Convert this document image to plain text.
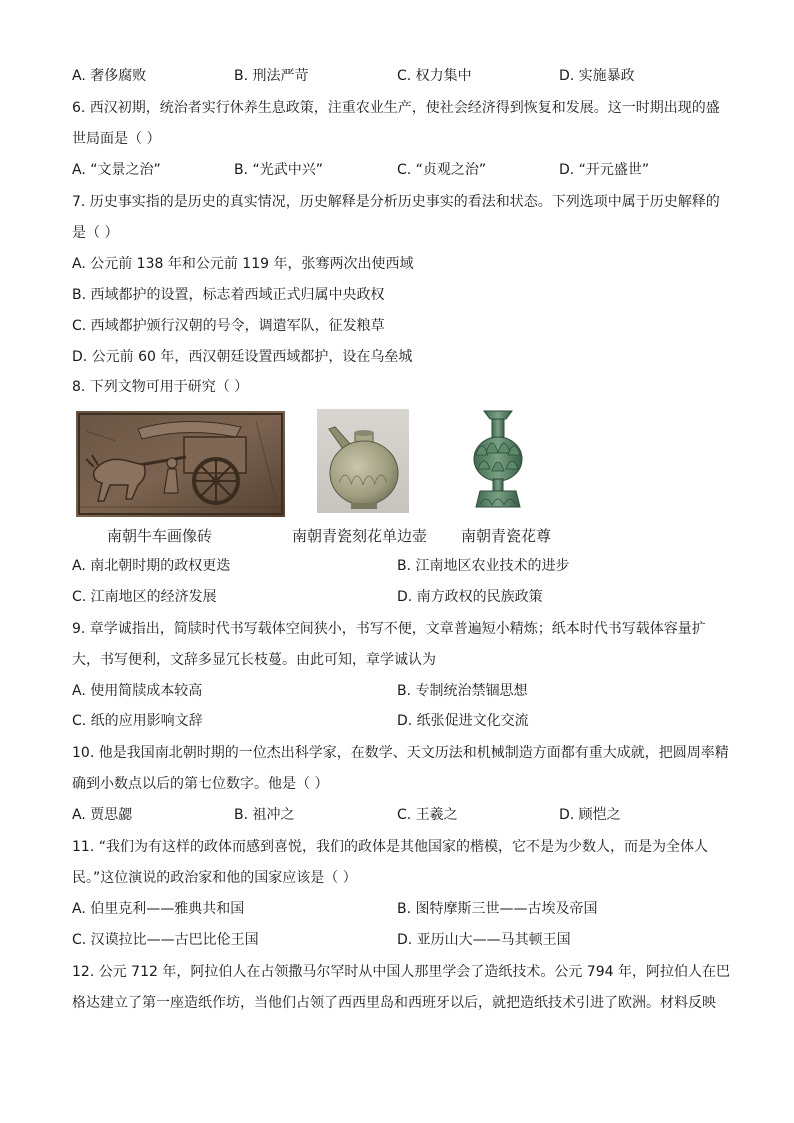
A. 奢侈腐败	B. 刑法严苛	C. 权力集中	D. 实施暴政
6. 西汉初期，统治者实行休养生息政策，注重农业生产，使社会经济得到恢复和发展。这一时期出现的盛
世局面是（ ）
A. “文景之治”	B. “光武中兴”	C. “贞观之治”	D. “开元盛世”
7. 历史事实指的是历史的真实情况，历史解释是分析历史事实的看法和状态。下列选项中属于历史解释的
是（ ）
A. 公元前 138 年和公元前 119 年，张骞两次出使西域
B. 西域都护的设置，标志着西域正式归属中央政权
C. 西域都护颁行汉朝的号令，调遣军队，征发粮草
D. 公元前 60 年，西汉朝廷设置西域都护，设在乌垒城
8. 下列文物可用于研究（ ）
南朝牛车画像砖	南朝青瓷刻花单边壶 南朝青瓷花尊
A. 南北朝时期的政权更迭	B. 江南地区农业技术的进步
C. 江南地区的经济发展	D. 南方政权的民族政策
9. 章学诚指出，简牍时代书写载体空间狭小，书写不便，文章普遍短小精炼；纸本时代书写载体容量扩
大，书写便利，文辞多显冗长枝蔓。由此可知，章学诚认为
A. 使用简牍成本较高	B. 专制统治禁锢思想
C. 纸的应用影响文辞	D. 纸张促进文化交流
10. 他是我国南北朝时期的一位杰出科学家，在数学、天文历法和机械制造方面都有重大成就，把圆周率精
确到小数点以后的第七位数字。他是（ ）
A. 贾思勰	B. 祖冲之	C. 王羲之	D. 顾恺之
11. “我们为有这样的政体而感到喜悦，我们的政体是其他国家的楷模，它不是为少数人，而是为全体人
民。”这位演说的政治家和他的国家应该是（ ）
A. 伯里克利——雅典共和国	B. 图特摩斯三世——古埃及帝国
C. 汉谟拉比——古巴比伦王国	D. 亚历山大——马其顿王国
12. 公元 712 年，阿拉伯人在占领撒马尔罕时从中国人那里学会了造纸技术。公元 794 年，阿拉伯人在巴
格达建立了第一座造纸作坊，当他们占领了西西里岛和西班牙以后，就把造纸技术引进了欧洲。材料反映
